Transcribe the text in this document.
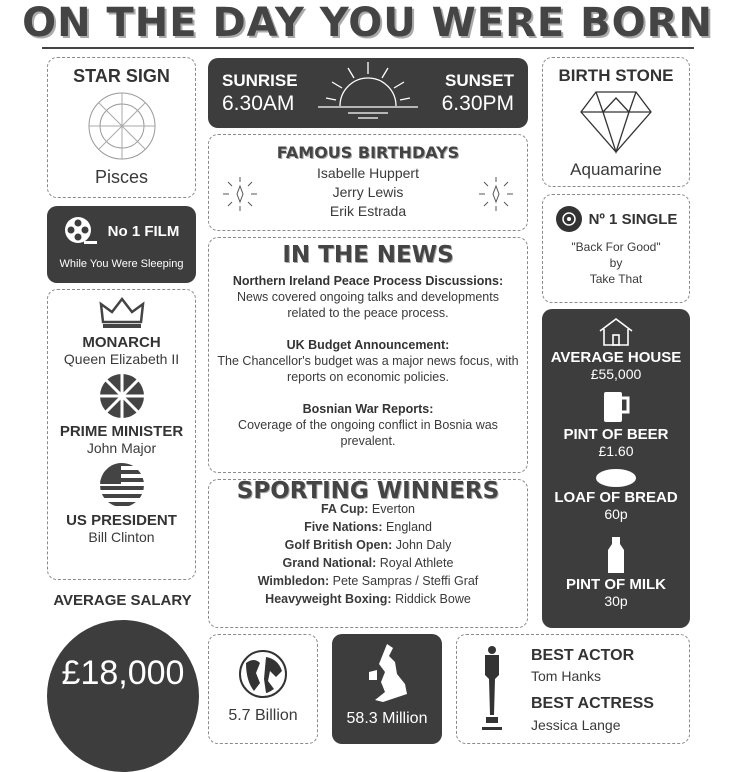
ON THE DAY YOU WERE BORN
STAR SIGN
Pisces
No 1 FILM
While You Were Sleeping
MONARCH
Queen Elizabeth II
PRIME MINISTER
John Major
US PRESIDENT
Bill Clinton
AVERAGE SALARY
£18,000
SUNRISE
6.30AM
SUNSET
6.30PM
FAMOUS BIRTHDAYS
Isabelle Huppert
Jerry Lewis
Erik Estrada
IN THE NEWS

Northern Ireland Peace Process Discussions:

News covered ongoing talks and developments related to the peace process.

UK Budget Announcement:

The Chancellor's budget was a major news focus, with reports on economic policies.

Bosnian War Reports:

Coverage of the ongoing conflict in Bosnia was prevalent.

SPORTING WINNERS
FA Cup: Everton
Five Nations: England
Golf British Open: John Daly
Grand National: Royal Athlete
Wimbledon: Pete Sampras / Steffi Graf
Heavyweight Boxing: Riddick Bowe
BIRTH STONE
Aquamarine
Nº 1 SINGLE
"Back For Good"
by
Take That
AVERAGE HOUSE
£55,000
PINT OF BEER
£1.60
LOAF OF BREAD
60p
PINT OF MILK
30p
5.7 Billion	58.3 Million
BEST ACTOR
Tom Hanks
BEST ACTRESS
Jessica Lange
